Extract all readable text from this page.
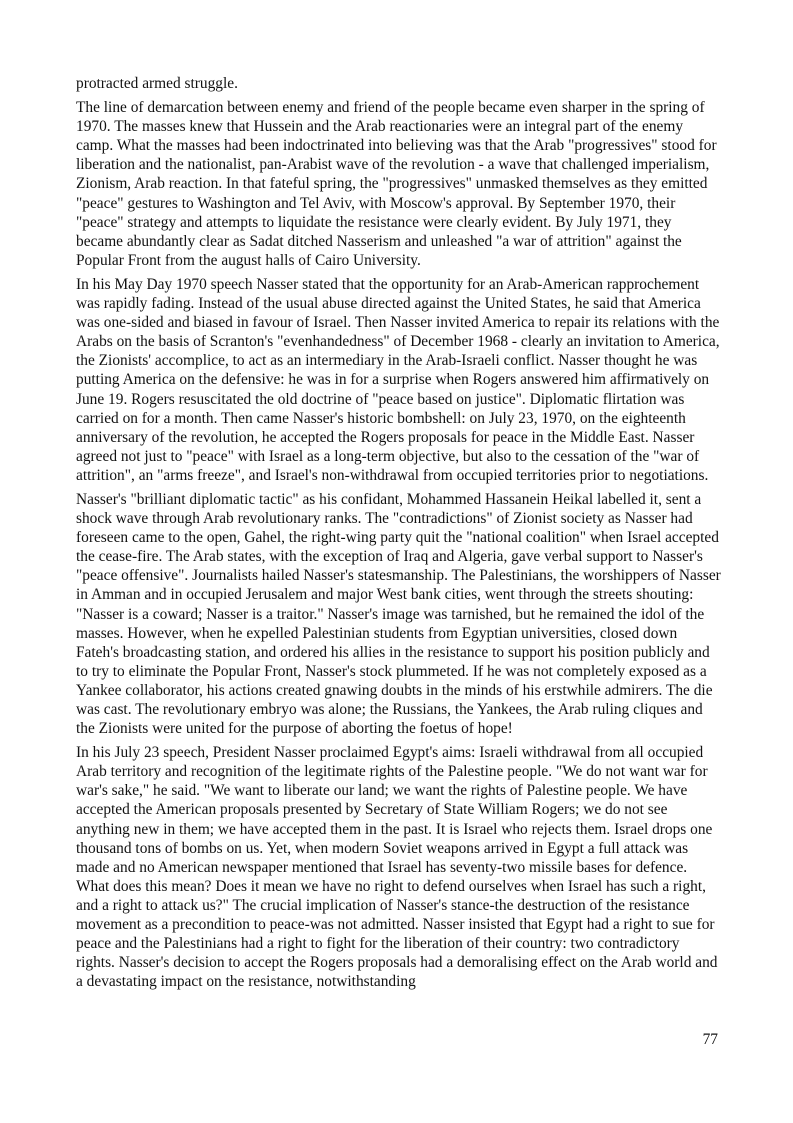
protracted armed struggle.

The line of demarcation between enemy and friend of the people became even sharper in the spring of 1970. The masses knew that Hussein and the Arab reactionaries were an integral part of the enemy camp. What the masses had been indoctrinated into believing was that the Arab "progressives" stood for liberation and the nationalist, pan-Arabist wave of the revolution - a wave that challenged imperialism, Zionism, Arab reaction. In that fateful spring, the "progressives" unmasked themselves as they emitted "peace" gestures to Washington and Tel Aviv, with Moscow's approval. By September 1970, their "peace" strategy and attempts to liquidate the resistance were clearly evident. By July 1971, they became abundantly clear as Sadat ditched Nasserism and unleashed "a war of attrition" against the Popular Front from the august halls of Cairo University.

In his May Day 1970 speech Nasser stated that the opportunity for an Arab-American rapprochement was rapidly fading. Instead of the usual abuse directed against the United States, he said that America was one-sided and biased in favour of Israel. Then Nasser invited America to repair its relations with the Arabs on the basis of Scranton's "evenhandedness" of December 1968 - clearly an invitation to America, the Zionists' accomplice, to act as an intermediary in the Arab-Israeli conflict. Nasser thought he was putting America on the defensive: he was in for a surprise when Rogers answered him affirmatively on June 19. Rogers resuscitated the old doctrine of "peace based on justice". Diplomatic flirtation was carried on for a month. Then came Nasser's historic bombshell: on July 23, 1970, on the eighteenth anniversary of the revolution, he accepted the Rogers proposals for peace in the Middle East. Nasser agreed not just to "peace" with Israel as a long-term objective, but also to the cessation of the "war of attrition", an "arms freeze", and Israel's non-withdrawal from occupied territories prior to negotiations.

Nasser's "brilliant diplomatic tactic" as his confidant, Mohammed Hassanein Heikal labelled it, sent a shock wave through Arab revolutionary ranks. The "contradictions" of Zionist society as Nasser had foreseen came to the open, Gahel, the right-wing party quit the "national coalition" when Israel accepted the cease-fire. The Arab states, with the exception of Iraq and Algeria, gave verbal support to Nasser's "peace offensive". Journalists hailed Nasser's statesmanship. The Palestinians, the worshippers of Nasser in Amman and in occupied Jerusalem and major West bank cities, went through the streets shouting: "Nasser is a coward; Nasser is a traitor." Nasser's image was tarnished, but he remained the idol of the masses. However, when he expelled Palestinian students from Egyptian universities, closed down Fateh's broadcasting station, and ordered his allies in the resistance to support his position publicly and to try to eliminate the Popular Front, Nasser's stock plummeted. If he was not completely exposed as a Yankee collaborator, his actions created gnawing doubts in the minds of his erstwhile admirers. The die was cast. The revolutionary embryo was alone; the Russians, the Yankees, the Arab ruling cliques and the Zionists were united for the purpose of aborting the foetus of hope!

In his July 23 speech, President Nasser proclaimed Egypt's aims: Israeli withdrawal from all occupied Arab territory and recognition of the legitimate rights of the Palestine people. "We do not want war for war's sake," he said. "We want to liberate our land; we want the rights of Palestine people. We have accepted the American proposals presented by Secretary of State William Rogers; we do not see anything new in them; we have accepted them in the past. It is Israel who rejects them. Israel drops one thousand tons of bombs on us. Yet, when modern Soviet weapons arrived in Egypt a full attack was made and no American newspaper mentioned that Israel has seventy-two missile bases for defence. What does this mean? Does it mean we have no right to defend ourselves when Israel has such a right, and a right to attack us?" The crucial implication of Nasser's stance-the destruction of the resistance movement as a precondition to peace-was not admitted. Nasser insisted that Egypt had a right to sue for peace and the Palestinians had a right to fight for the liberation of their country: two contradictory rights. Nasser's decision to accept the Rogers proposals had a demoralising effect on the Arab world and a devastating impact on the resistance, notwithstanding

77
